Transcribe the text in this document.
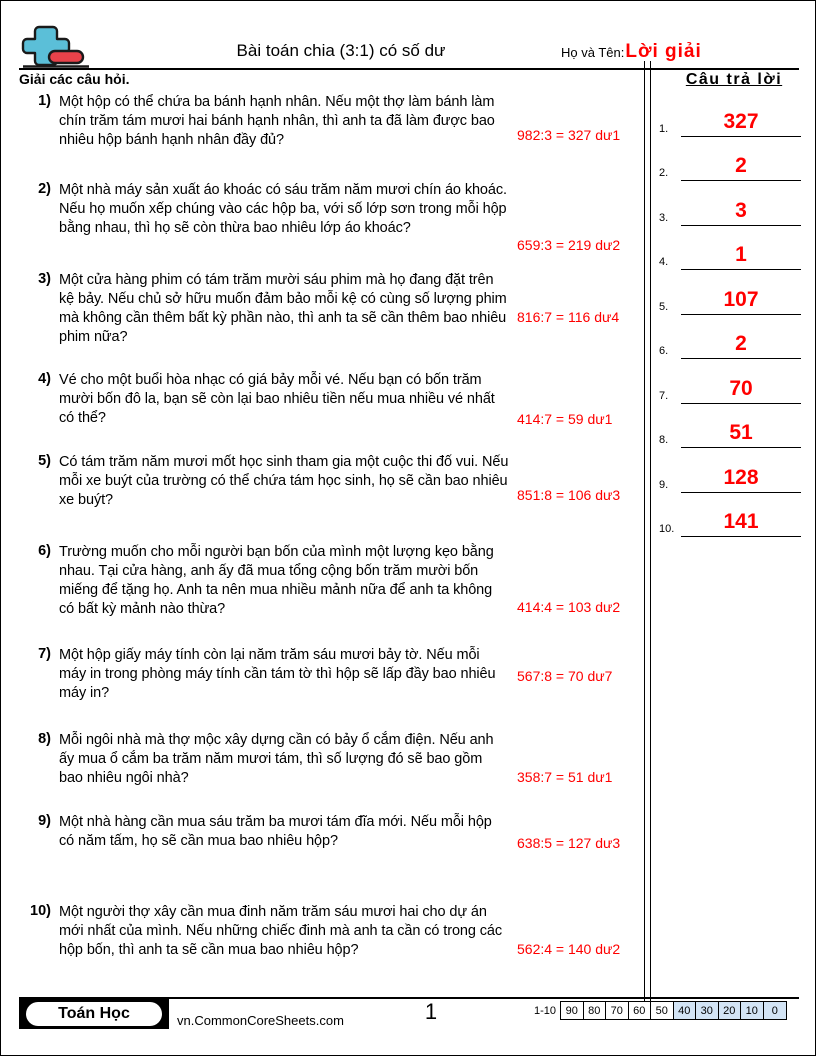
Bài toán chia (3:1) có số dư	Họ và Tên:Lời giải
Giải các câu hỏi.
1) Một hộp có thể chứa ba bánh hạnh nhân. Nếu một thợ làm bánh làm chín trăm tám mươi hai bánh hạnh nhân, thì anh ta đã làm được bao nhiêu hộp bánh hạnh nhân đầy đủ?	982:3 = 327 dư1
2) Một nhà máy sản xuất áo khoác có sáu trăm năm mươi chín áo khoác. Nếu họ muốn xếp chúng vào các hộp ba, với số lớp sơn trong mỗi hộp bằng nhau, thì họ sẽ còn thừa bao nhiêu lớp áo khoác?
659:3 = 219 dư2
3) Một cửa hàng phim có tám trăm mười sáu phim mà họ đang đặt trên kệ bảy. Nếu chủ sở hữu muốn đảm bảo mỗi kệ có cùng số lượng phim mà không cần thêm bất kỳ phần nào, thì anh ta sẽ cần thêm bao nhiêu phim nữa?
816:7 = 116 dư4
4) Vé cho một buổi hòa nhạc có giá bảy mỗi vé. Nếu bạn có bốn trăm mười bốn đô la, bạn sẽ còn lại bao nhiêu tiền nếu mua nhiều vé nhất có thể?	414:7 = 59 dư1
5) Có tám trăm năm mươi mốt học sinh tham gia một cuộc thi đố vui. Nếu mỗi xe buýt của trường có thể chứa tám học sinh, họ sẽ cần bao nhiêu xe buýt?	851:8 = 106 dư3
6) Trường muốn cho mỗi người bạn bốn của mình một lượng kẹo bằng nhau. Tại cửa hàng, anh ấy đã mua tổng cộng bốn trăm mười bốn miếng để tặng họ. Anh ta nên mua nhiều mảnh nữa để anh ta không có bất kỳ mảnh nào thừa?	414:4 = 103 dư2
7) Một hộp giấy máy tính còn lại năm trăm sáu mươi bảy tờ. Nếu mỗi máy in trong phòng máy tính cần tám tờ thì hộp sẽ lấp đầy bao nhiêu máy in?
567:8 = 70 dư7
8) Mỗi ngôi nhà mà thợ mộc xây dựng cần có bảy ổ cắm điện. Nếu anh ấy mua ổ cắm ba trăm năm mươi tám, thì số lượng đó sẽ bao gồm bao nhiêu ngôi nhà?	358:7 = 51 dư1
9) Một nhà hàng cần mua sáu trăm ba mươi tám đĩa mới. Nếu mỗi hộp có năm tấm, họ sẽ cần mua bao nhiêu hộp?	638:5 = 127 dư3
10) Một người thợ xây cần mua đinh năm trăm sáu mươi hai cho dự án mới nhất của mình. Nếu những chiếc đinh mà anh ta cần có trong các hộp bốn, thì anh ta sẽ cần mua bao nhiêu hộp?	562:4 = 140 dư2
Câu trả lời
1.	327
2.	2
3.	3
4.	1
5.	107
6.	2
7.	70
8.	51
9.	128
10.	141
Toán Học	vn.CommonCoreSheets.com	1	1-10 90 80 70 60 50 40 30 20 10	0
